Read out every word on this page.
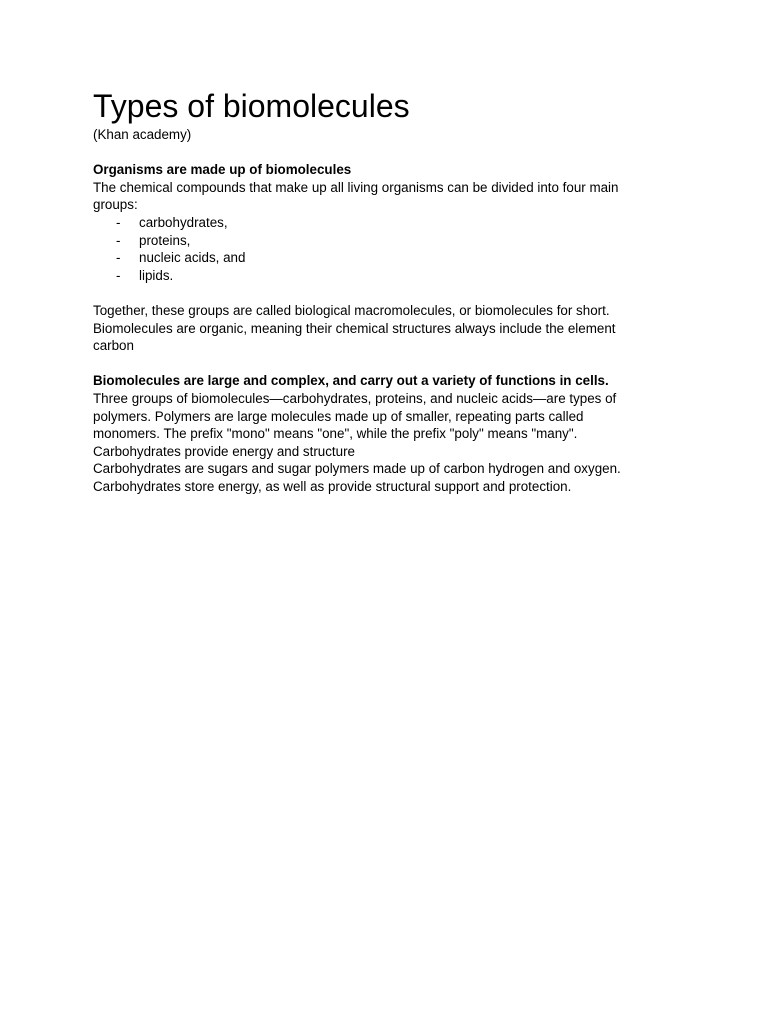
Types of biomolecules

(Khan academy)

Organisms are made up of biomolecules

The chemical compounds that make up all living organisms can be divided into four main

groups:

- carbohydrates,
- proteins,
- nucleic acids, and
- lipids.

Together, these groups are called biological macromolecules, or biomolecules for short.

Biomolecules are organic, meaning their chemical structures always include the element

carbon

Biomolecules are large and complex, and carry out a variety of functions in cells.

Three groups of biomolecules—carbohydrates, proteins, and nucleic acids—are types of

polymers. Polymers are large molecules made up of smaller, repeating parts called

monomers. The prefix "mono" means "one", while the prefix "poly" means "many".

Carbohydrates provide energy and structure

Carbohydrates are sugars and sugar polymers made up of carbon hydrogen and oxygen.

Carbohydrates store energy, as well as provide structural support and protection.
